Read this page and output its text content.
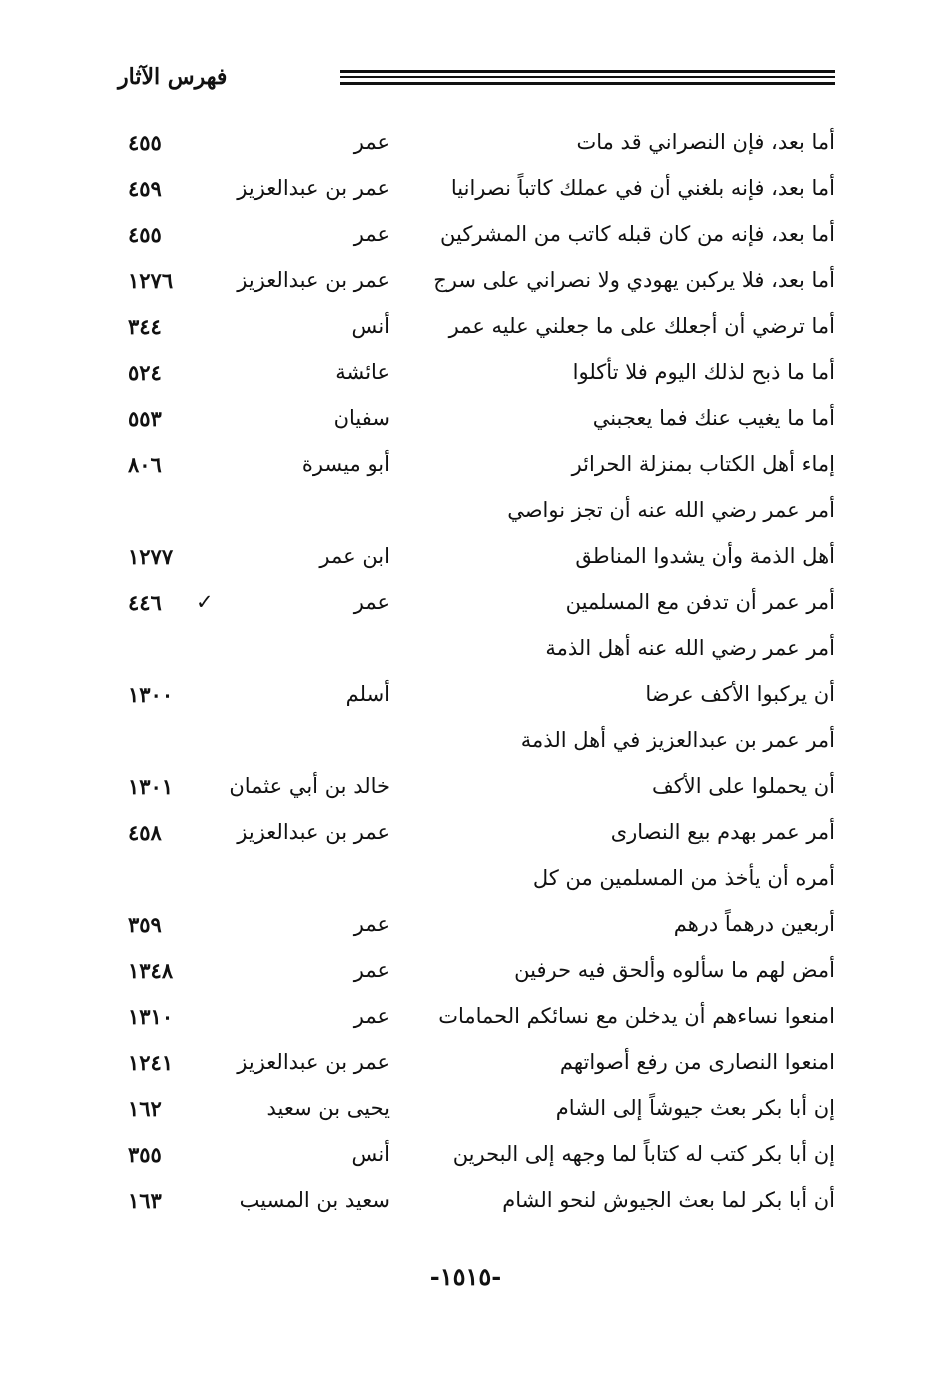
فهرس الآثار
أما بعد، فإن النصراني قد مات
عمر
٤٥٥
أما بعد، فإنه بلغني أن في عملك كاتباً نصرانيا
عمر بن عبدالعزيز
٤٥٩
أما بعد، فإنه من كان قبله كاتب من المشركين
عمر
٤٥٥
أما بعد، فلا يركبن يهودي ولا نصراني على سرج
عمر بن عبدالعزيز
١٢٧٦
أما ترضي أن أجعلك على ما جعلني عليه عمر
أنس
٣٤٤
أما ما ذبح لذلك اليوم فلا تأكلوا
عائشة
٥٢٤
أما ما يغيب عنك فما يعجبني
سفيان
٥٥٣
إماء أهل الكتاب بمنزلة الحرائر
أبو ميسرة
٨٠٦
أمر عمر رضي الله عنه أن تجز نواصي
أهل الذمة وأن يشدوا المناطق
ابن عمر
١٢٧٧
أمر عمر أن تدفن مع المسلمين
عمر
٤٤٦ ✓
أمر عمر رضي الله عنه أهل الذمة
أن يركبوا الأكف عرضا
أسلم
١٣٠٠
أمر عمر بن عبدالعزيز في أهل الذمة
أن يحملوا على الأكف
خالد بن أبي عثمان
١٣٠١
أمر عمر بهدم بيع النصارى
عمر بن عبدالعزيز
٤٥٨
أمره أن يأخذ من المسلمين من كل
أربعين درهماً درهم
عمر
٣٥٩
أمض لهم ما سألوه وألحق فيه حرفين
عمر
١٣٤٨
امنعوا نساءهم أن يدخلن مع نسائكم الحمامات
عمر
١٣١٠
امنعوا النصارى من رفع أصواتهم
عمر بن عبدالعزيز
١٢٤١
إن أبا بكر بعث جيوشاً إلى الشام
يحيى بن سعيد
١٦٢
إن أبا بكر كتب له كتاباً لما وجهه إلى البحرين
أنس
٣٥٥
أن أبا بكر لما بعث الجيوش لنحو الشام
سعيد بن المسيب
١٦٣
-١٥١٥-
